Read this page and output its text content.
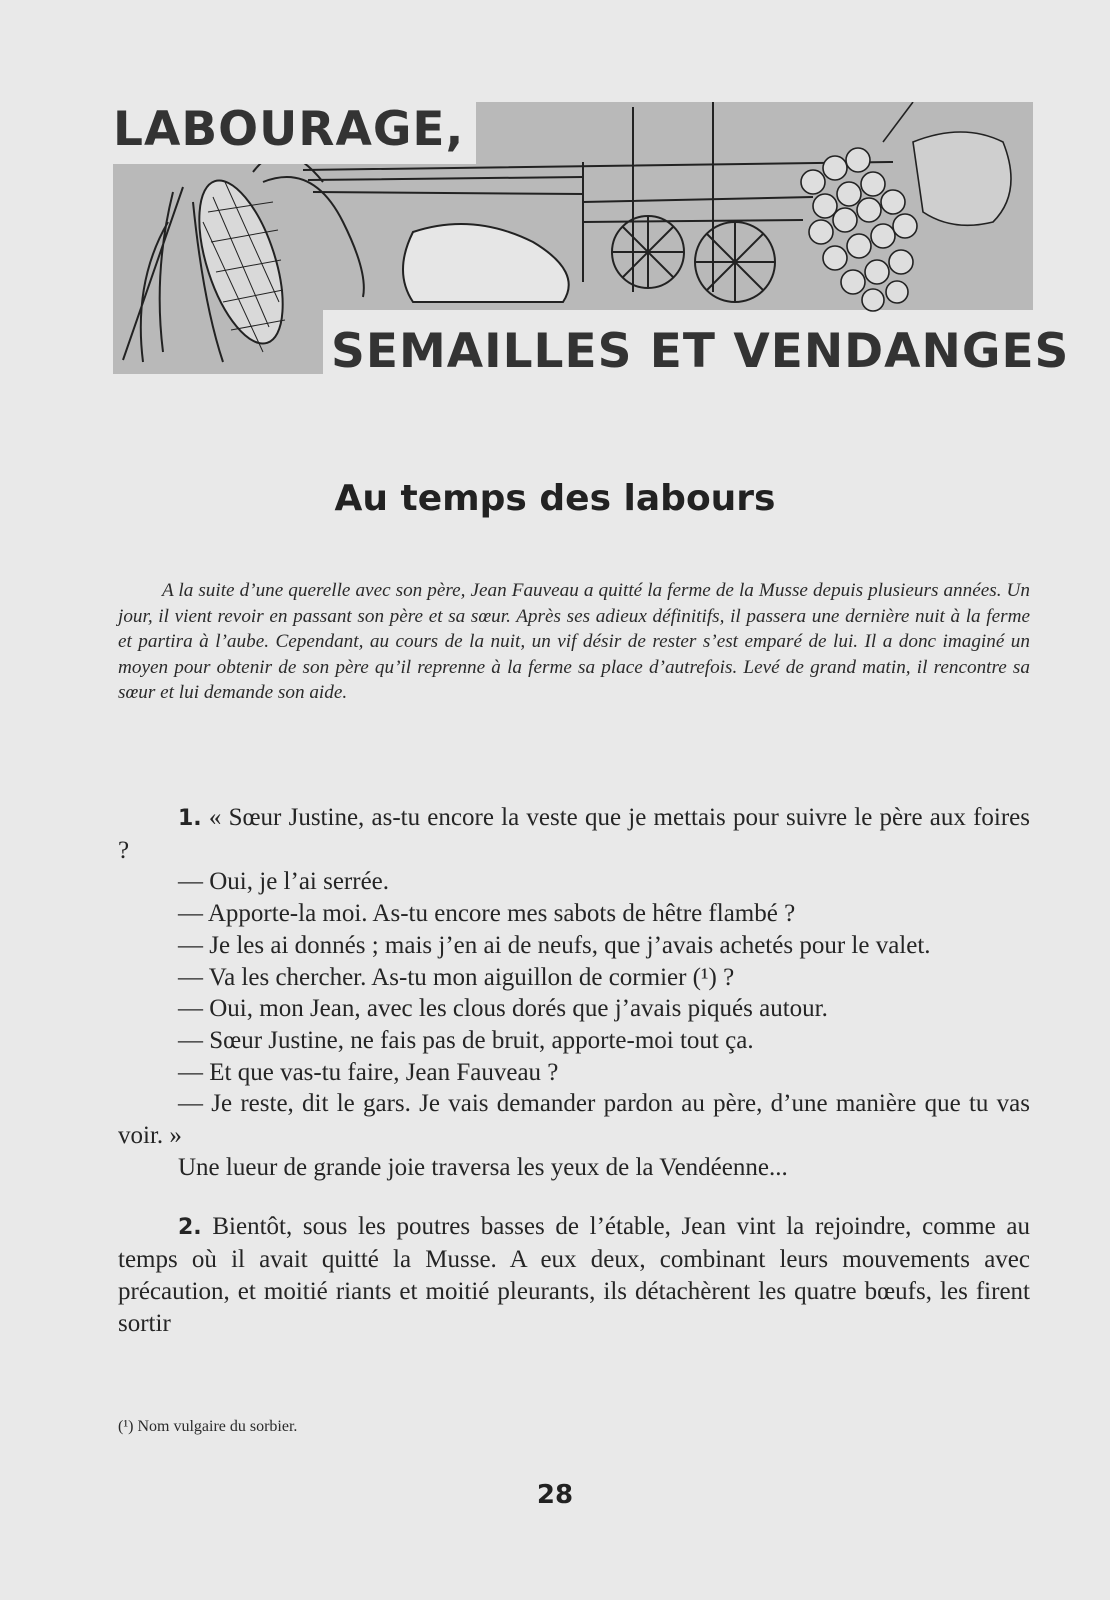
LABOURAGE,
SEMAILLES ET VENDANGES
Au temps des labours
A la suite d’une querelle avec son père, Jean Fauveau a quitté la ferme de la Musse depuis plusieurs années. Un jour, il vient revoir en passant son père et sa sœur. Après ses adieux définitifs, il passera une dernière nuit à la ferme et partira à l’aube. Cependant, au cours de la nuit, un vif désir de rester s’est emparé de lui. Il a donc imaginé un moyen pour obtenir de son père qu’il reprenne à la ferme sa place d’autrefois. Levé de grand matin, il rencontre sa sœur et lui demande son aide.

1. « Sœur Justine, as-tu encore la veste que je mettais pour suivre le père aux foires ?

— Oui, je l’ai serrée.

— Apporte-la moi. As-tu encore mes sabots de hêtre flambé ?

— Je les ai donnés ; mais j’en ai de neufs, que j’avais achetés pour le valet.

— Va les chercher. As-tu mon aiguillon de cormier (¹) ?

— Oui, mon Jean, avec les clous dorés que j’avais piqués autour.

— Sœur Justine, ne fais pas de bruit, apporte-moi tout ça.

— Et que vas-tu faire, Jean Fauveau ?

— Je reste, dit le gars. Je vais demander pardon au père, d’une manière que tu vas voir. »

Une lueur de grande joie traversa les yeux de la Vendéenne...

2. Bientôt, sous les poutres basses de l’étable, Jean vint la rejoindre, comme au temps où il avait quitté la Musse. A eux deux, combinant leurs mouvements avec précaution, et moitié riants et moitié pleurants, ils détachèrent les quatre bœufs, les firent sortir

(¹) Nom vulgaire du sorbier.
28
